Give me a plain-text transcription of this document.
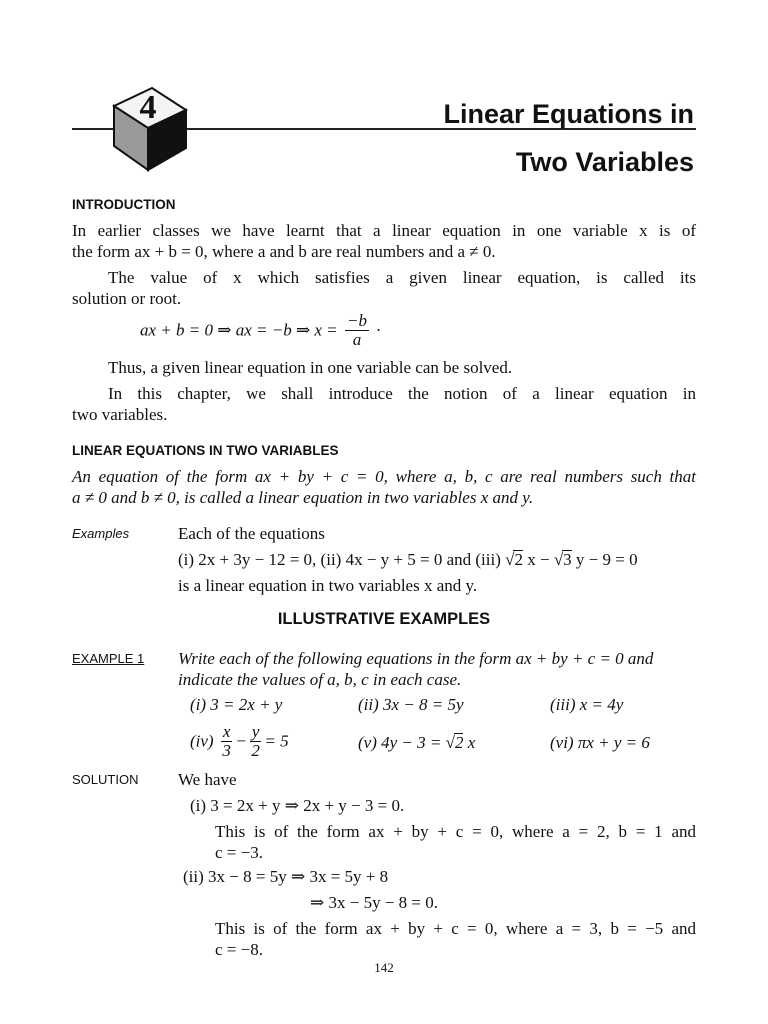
4	Linear Equations in
Two Variables
INTRODUCTION
In earlier classes we have learnt that a linear equation in one variable x is of
the form ax + b = 0, where a and b are real numbers and a ≠ 0.
The value of x which satisfies a given linear equation, is called its
solution or root.
ax + b = 0 ⇒ ax = −b ⇒ $x = \frac{-b}{a}$ ·
Thus, a given linear equation in one variable can be solved.
In this chapter, we shall introduce the notion of a linear equation in
two variables.
LINEAR EQUATIONS IN TWO VARIABLES
An equation of the form ax + by + c = 0, where a, b, c are real numbers such that
a ≠ 0 and b ≠ 0, is called a linear equation in two variables x and y.
Examples	Each of the equations
(i) 2x + 3y − 12 = 0, (ii) 4x − y + 5 = 0 and (iii) √2 x − √3 y − 9 = 0
is a linear equation in two variables x and y.
ILLUSTRATIVE EXAMPLES
EXAMPLE 1 Write each of the following equations in the form ax + by + c = 0 and
indicate the values of a, b, c in each case.
(i) 3 = 2x + y	(ii) 3x − 8 = 5y	(iii) x = 4y
$(iv) \frac{x}{3} - \frac{y}{2} = 5$	(v) 4y − 3 = √2 x	(vi) πx + y = 6
SOLUTION We have
(i) 3 = 2x + y ⇒ 2x + y − 3 = 0.
This is of the form ax + by + c = 0, where a = 2, b = 1 and
c = −3.
(ii) 3x − 8 = 5y ⇒ 3x = 5y + 8
⇒ 3x − 5y − 8 = 0.
This is of the form ax + by + c = 0, where a = 3, b = −5 and
c = −8.
142
